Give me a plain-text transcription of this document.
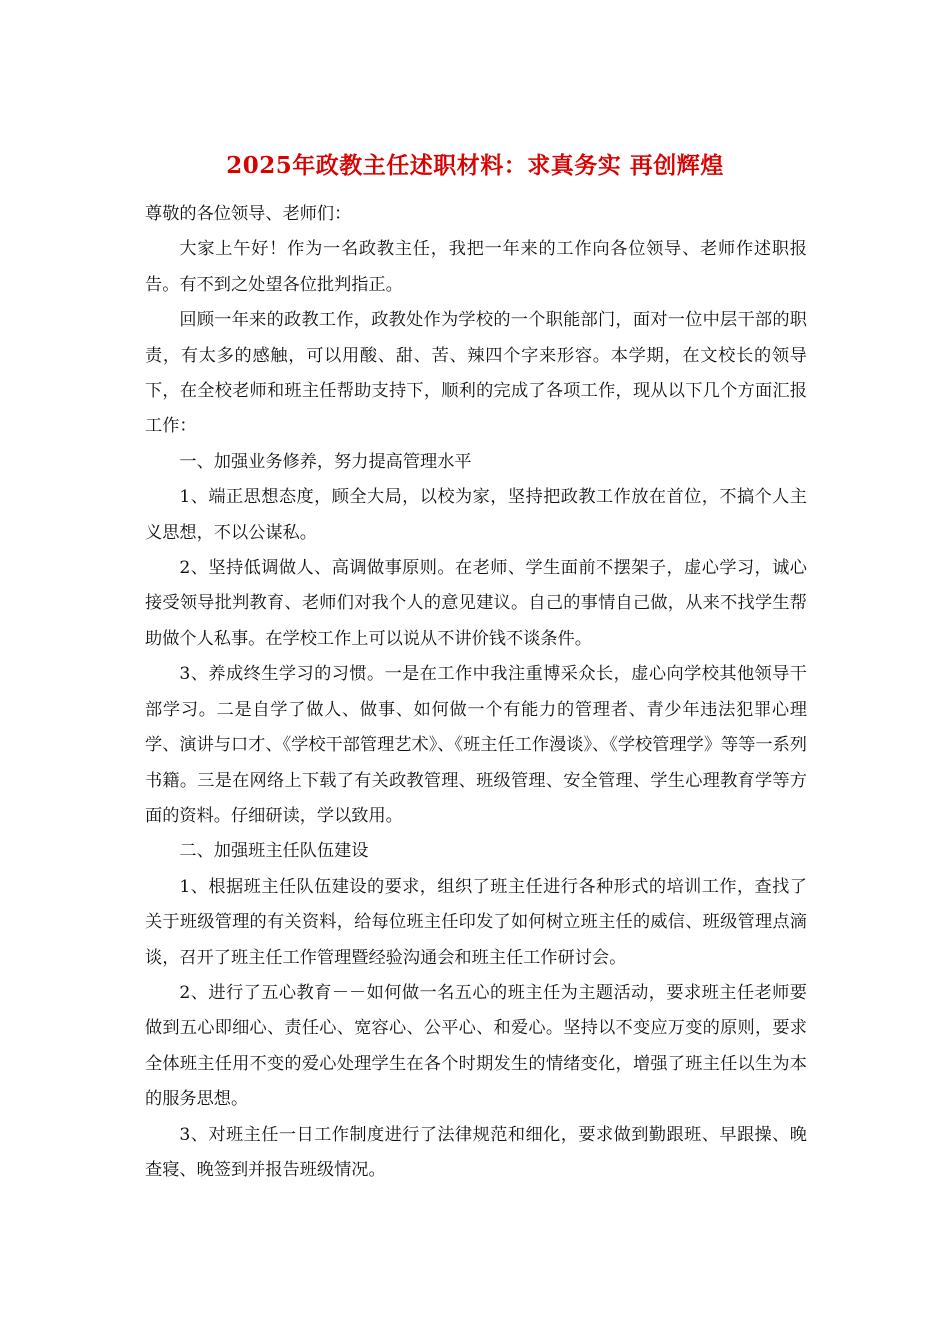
2025年政教主任述职材料：求真务实 再创辉煌

尊敬的各位领导、老师们：

大家上午好！作为一名政教主任，我把一年来的工作向各位领导、老师作述职报告。有不到之处望各位批判指正。

回顾一年来的政教工作，政教处作为学校的一个职能部门，面对一位中层干部的职责，有太多的感触，可以用酸、甜、苦、辣四个字来形容。本学期，在文校长的领导下，在全校老师和班主任帮助支持下，顺利的完成了各项工作，现从以下几个方面汇报工作：

一、加强业务修养，努力提高管理水平

1、端正思想态度，顾全大局，以校为家，坚持把政教工作放在首位，不搞个人主义思想，不以公谋私。

2、坚持低调做人、高调做事原则。在老师、学生面前不摆架子，虚心学习，诚心接受领导批判教育、老师们对我个人的意见建议。自己的事情自己做，从来不找学生帮助做个人私事。在学校工作上可以说从不讲价钱不谈条件。

3、养成终生学习的习惯。一是在工作中我注重博采众长，虚心向学校其他领导干部学习。二是自学了做人、做事、如何做一个有能力的管理者、青少年违法犯罪心理学、演讲与口才、《学校干部管理艺术》、《班主任工作漫谈》、《学校管理学》等等一系列书籍。三是在网络上下载了有关政教管理、班级管理、安全管理、学生心理教育学等方面的资料。仔细研读，学以致用。

二、加强班主任队伍建设

1、根据班主任队伍建设的要求，组织了班主任进行各种形式的培训工作，查找了关于班级管理的有关资料，给每位班主任印发了如何树立班主任的威信、班级管理点滴谈，召开了班主任工作管理暨经验沟通会和班主任工作研讨会。

2、进行了五心教育－－如何做一名五心的班主任为主题活动，要求班主任老师要做到五心即细心、责任心、宽容心、公平心、和爱心。坚持以不变应万变的原则，要求全体班主任用不变的爱心处理学生在各个时期发生的情绪变化，增强了班主任以生为本的服务思想。

3、对班主任一日工作制度进行了法律规范和细化，要求做到勤跟班、早跟操、晚查寝、晚签到并报告班级情况。
